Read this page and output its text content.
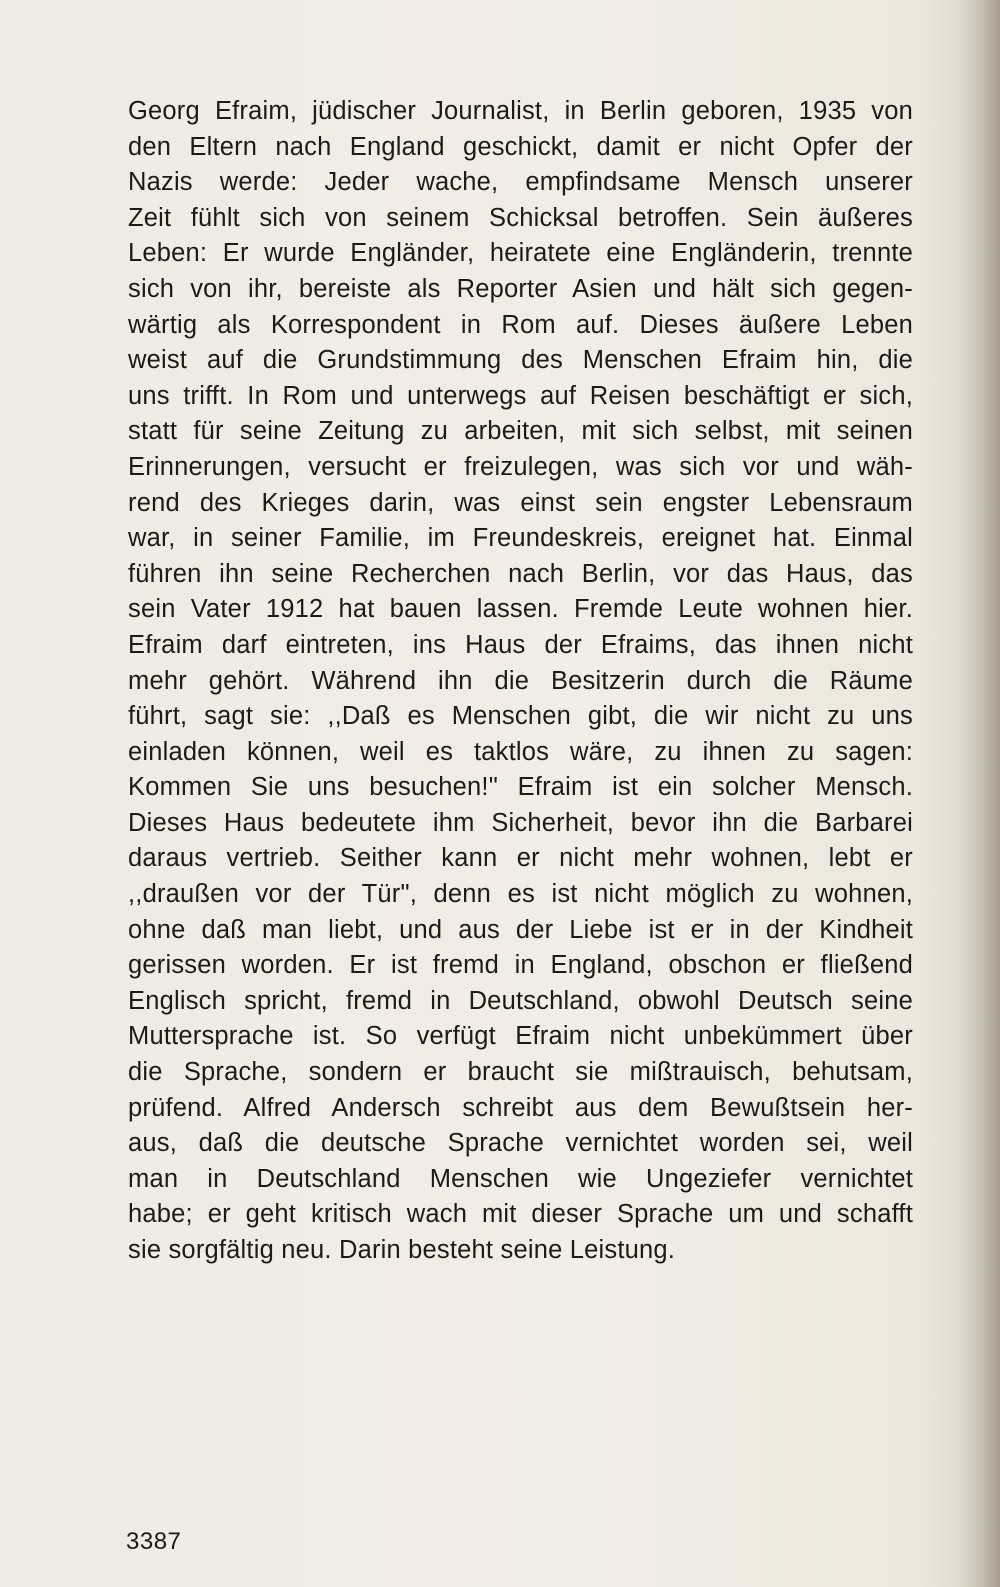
Georg Efraim, jüdischer Journalist, in Berlin geboren, 1935 von
den Eltern nach England geschickt, damit er nicht Opfer der
Nazis werde: Jeder wache, empfindsame Mensch unserer
Zeit fühlt sich von seinem Schicksal betroffen. Sein äußeres
Leben: Er wurde Engländer, heiratete eine Engländerin, trennte
sich von ihr, bereiste als Reporter Asien und hält sich gegen-
wärtig als Korrespondent in Rom auf. Dieses äußere Leben
weist auf die Grundstimmung des Menschen Efraim hin, die
uns trifft. In Rom und unterwegs auf Reisen beschäftigt er sich,
statt für seine Zeitung zu arbeiten, mit sich selbst, mit seinen
Erinnerungen, versucht er freizulegen, was sich vor und wäh-
rend des Krieges darin, was einst sein engster Lebensraum
war, in seiner Familie, im Freundeskreis, ereignet hat. Einmal
führen ihn seine Recherchen nach Berlin, vor das Haus, das
sein Vater 1912 hat bauen lassen. Fremde Leute wohnen hier.
Efraim darf eintreten, ins Haus der Efraims, das ihnen nicht
mehr gehört. Während ihn die Besitzerin durch die Räume
führt, sagt sie: ,,Daß es Menschen gibt, die wir nicht zu uns
einladen können, weil es taktlos wäre, zu ihnen zu sagen:
Kommen Sie uns besuchen!" Efraim ist ein solcher Mensch.
Dieses Haus bedeutete ihm Sicherheit, bevor ihn die Barbarei
daraus vertrieb. Seither kann er nicht mehr wohnen, lebt er
,,draußen vor der Tür", denn es ist nicht möglich zu wohnen,
ohne daß man liebt, und aus der Liebe ist er in der Kindheit
gerissen worden. Er ist fremd in England, obschon er fließend
Englisch spricht, fremd in Deutschland, obwohl Deutsch seine
Muttersprache ist. So verfügt Efraim nicht unbekümmert über
die Sprache, sondern er braucht sie mißtrauisch, behutsam,
prüfend. Alfred Andersch schreibt aus dem Bewußtsein her-
aus, daß die deutsche Sprache vernichtet worden sei, weil
man in Deutschland Menschen wie Ungeziefer vernichtet
habe; er geht kritisch wach mit dieser Sprache um und schafft
sie sorgfältig neu. Darin besteht seine Leistung.
3387
